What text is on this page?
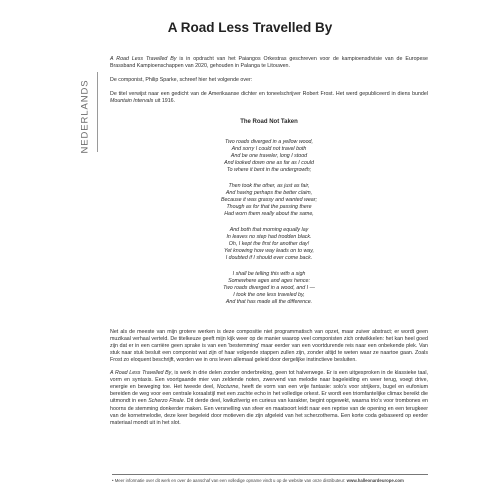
A Road Less Travelled By
NEDERLANDS

A Road Less Travelled By is in opdracht van het Paiangos Orkestras geschreven voor de kampioensdivisie van de Europese Brassband Kampioenschappen van 2020, gehouden in Palanga te Litouwen.

De componist, Philip Sparke, schreef hier het volgende over:

De titel verwijst naar een gedicht van de Amerikaanse dichter en toneelschrijver Robert Frost. Het werd gepubliceerd in diens bundel Mountain Intervals uit 1916.

The Road Not Taken
Two roads diverged in a yellow wood,
And sorry I could not travel both
And be one traveler, long I stood
And looked down one as far as I could
To where it bent in the undergrowth;
Then took the other, as just as fair,
And having perhaps the better claim,
Because it was grassy and wanted wear;
Though as for that the passing there
Had worn them really about the same,
And both that morning equally lay
In leaves no step had trodden black.
Oh, I kept the first for another day!
Yet knowing how way leads on to way,
I doubted if I should ever come back.
I shall be telling this with a sigh
Somewhere ages and ages hence:
Two roads diverged in a wood, and I —
I took the one less traveled by,
And that has made all the difference.

Net als de meeste van mijn grotere werken is deze compositie niet programmatisch van opzet, maar zuiver abstract; er wordt geen muzikaal verhaal verteld. De titelkeuze geeft mijn kijk weer op de manier waarop veel componisten zich ontwikkelen: het kan heel goed zijn dat er in een carrière geen sprake is van een 'bestemming' maar eerder van een voortdurende reis naar een onbekende plek. Van stuk naar stuk besluit een componist wat zijn of haar volgende stappen zullen zijn, zonder altijd te weten waar ze naartoe gaan. Zoals Frost zo eloquent beschrijft, worden we in ons leven allemaal geleid door dergelijke instinctieve besluiten.

A Road Less Travelled By, is werk in drie delen zonder onderbreking, geen tot halverwege. Er is een uitgesproken in de klassieke taal, vorm en syntaxis. Een voortgaande mier van zeldende noten, zwervend van melodie naar bageleiding en weer terug, voegt drive, energie en beweging toe. Het tweede deel, Nocturne, heeft de vorm van een vrije fantasie: solo's voor strijkers, bugel en eufonium bereiden de weg voor een centrale koraalstijl met een zachte echo in het volledige orkest. Er wordt een triomfantelijke climax bereikt die uitmondt in een Scherzo Finale. Dit derde deel, kwikzilverig en curieus van karakter, begint opgewekt, waarna trio's voor trombones en hoorns de stemming donkerder maken. Een versnelling van sfeer en maatsoort leidt naar een reprise van de opening en een terugkeer van de kornetmelodie, deze keer begeleid door motieven die zijn afgeleid van het scherzothema. Een korte coda gebaseerd op eerder materiaal mondt uit in het slot.

• Meer informatie over dit werk en over de aanschaf van een volledige opname vindt u op de website van onze distributeur: www.halleonardeurope.com
